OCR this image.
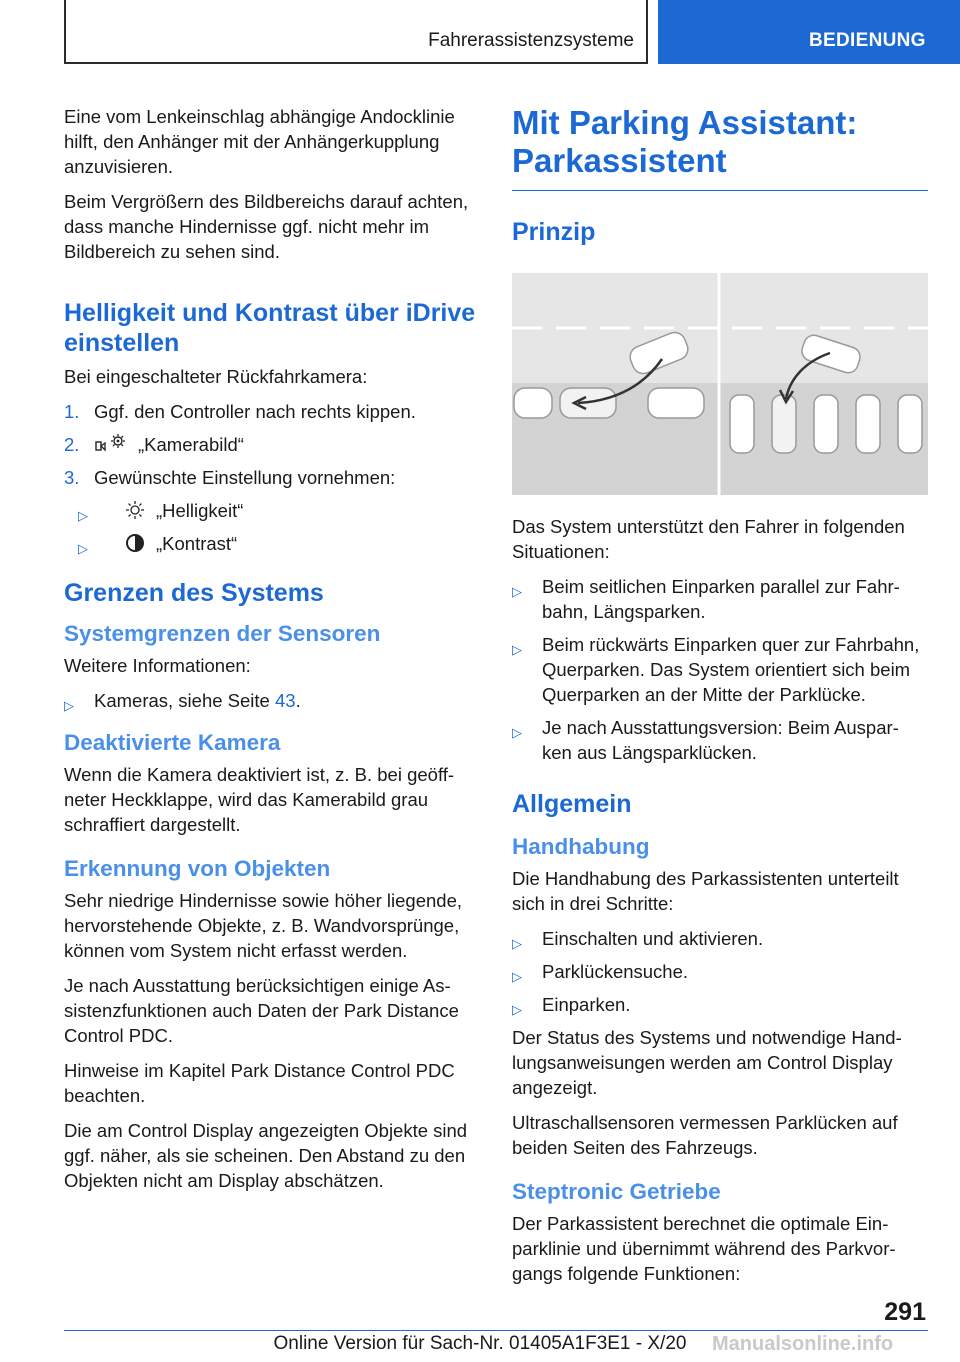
Fahrerassistenzsysteme	BEDIENUNG

Eine vom Lenkeinschlag abhängige Andocklinie hilft, den Anhänger mit der Anhängerkupplung anzuvisieren.

Beim Vergrößern des Bildbereichs darauf achten, dass manche Hindernisse ggf. nicht mehr im Bildbereich zu sehen sind.

Helligkeit und Kontrast über iDrive einstellen

Bei eingeschalteter Rückfahrkamera:

1. Ggf. den Controller nach rechts kippen.
2.	„Kamerabild“
3. Gewünschte Einstellung vornehmen:
▷	„Helligkeit“
▷	„Kontrast“
Grenzen des Systems
Systemgrenzen der Sensoren

Weitere Informationen:

▷ Kameras, siehe Seite 43.
Deaktivierte Kamera

Wenn die Kamera deaktiviert ist, z. B. bei geöff‐ neter Heckklappe, wird das Kamerabild grau schraffiert dargestellt.

Erkennung von Objekten

Sehr niedrige Hindernisse sowie höher liegende, hervorstehende Objekte, z. B. Wandvorsprünge, können vom System nicht erfasst werden.

Je nach Ausstattung berücksichtigen einige As‐ sistenzfunktionen auch Daten der Park Distance Control PDC.

Hinweise im Kapitel Park Distance Control PDC beachten.

Die am Control Display angezeigten Objekte sind ggf. näher, als sie scheinen. Den Abstand zu den Objekten nicht am Display abschätzen.

Mit Parking Assistant: Parkassistent
Prinzip

Das System unterstützt den Fahrer in folgenden Situationen:

▷ Beim seitlichen Einparken parallel zur Fahr‐ bahn, Längsparken.
▷ Beim rückwärts Einparken quer zur Fahrbahn, Querparken. Das System orientiert sich beim Querparken an der Mitte der Parklücke.
▷ Je nach Ausstattungsversion: Beim Auspar‐ ken aus Längsparklücken.
Allgemein
Handhabung

Die Handhabung des Parkassistenten unterteilt sich in drei Schritte:

▷ Einschalten und aktivieren.
▷ Parklückensuche.
▷ Einparken.

Der Status des Systems und notwendige Hand‐ lungsanweisungen werden am Control Display angezeigt.

Ultraschallsensoren vermessen Parklücken auf beiden Seiten des Fahrzeugs.

Steptronic Getriebe

Der Parkassistent berechnet die optimale Ein‐ parklinie und übernimmt während des Parkvor‐ gangs folgende Funktionen:

291
Online Version für Sach-Nr. 01405A1F3E1 - X/20	Manualsonline.info
